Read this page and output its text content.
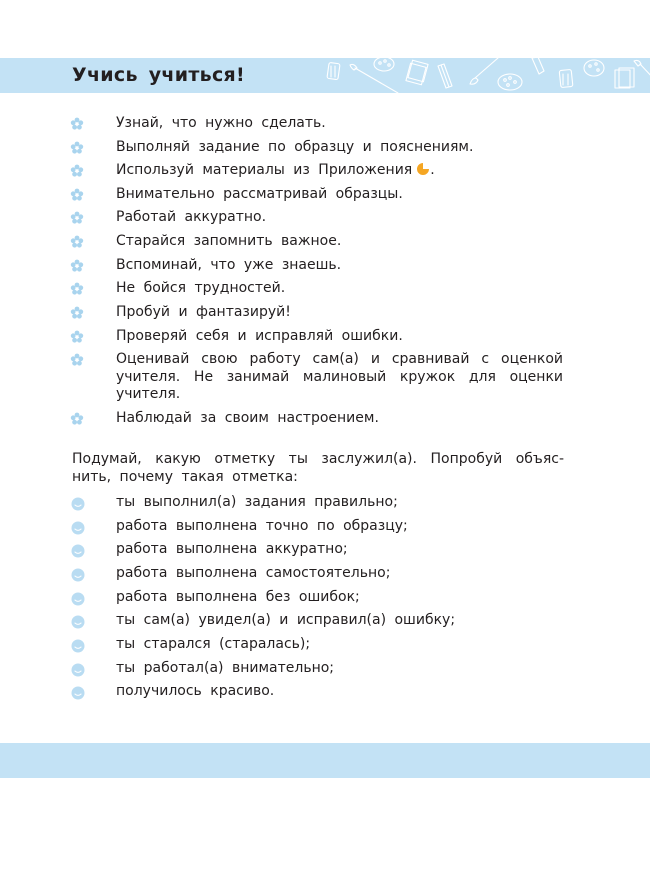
Учись учиться!
Узнай, что нужно сделать.
Выполняй задание по образцу и пояснениям.
Используй материалы из Приложения .
Внимательно рассматривай образцы.
Работай аккуратно.
Старайся запомнить важное.
Вспоминай, что уже знаешь.
Не бойся трудностей.
Пробуй и фантазируй!
Проверяй себя и исправляй ошибки.
Оценивай свою работу сам(а) и сравнивай с оценкой учителя. Не занимай малиновый кружок для оценки учителя.
Наблюдай за своим настроением.
Подумай, какую отметку ты заслужил(а). Попробуй объяс-нить, почему такая отметка:
ты выполнил(а) задания правильно;
работа выполнена точно по образцу;
работа выполнена аккуратно;
работа выполнена самостоятельно;
работа выполнена без ошибок;
ты сам(а) увидел(а) и исправил(а) ошибку;
ты старался (старалась);
ты работал(а) внимательно;
получилось красиво.
